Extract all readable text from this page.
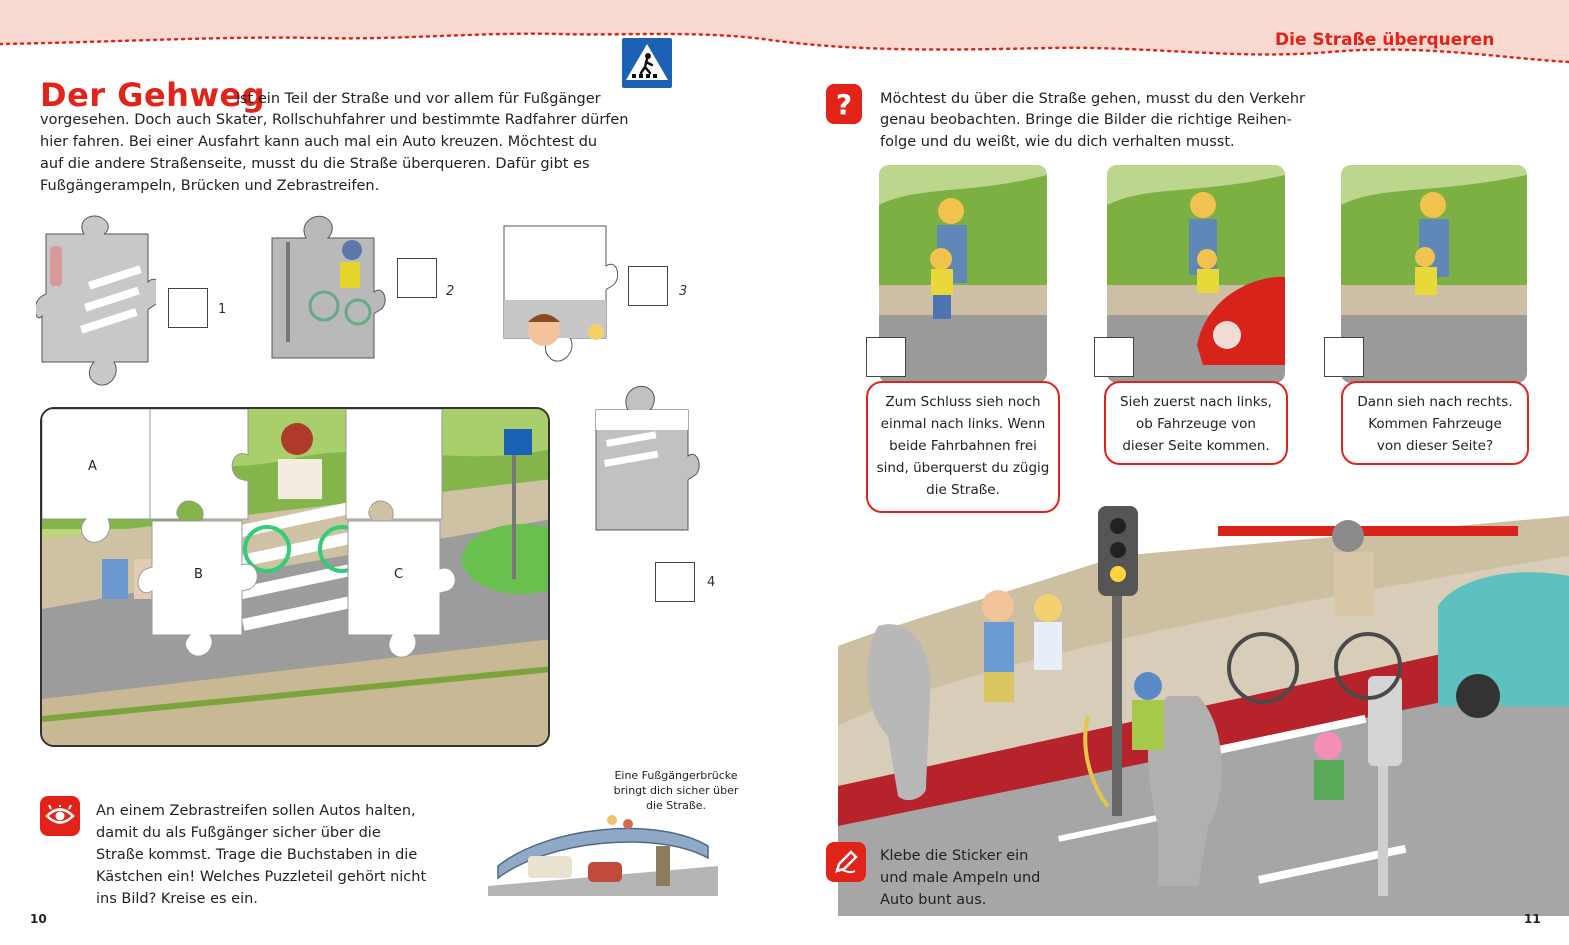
Die Straße überqueren
Der Gehweg
ist ein Teil der Straße und vor allem für Fußgänger
vorgesehen. Doch auch Skater, Rollschuhfahrer und bestimmte Radfahrer dürfen
hier fahren. Bei einer Ausfahrt kann auch mal ein Auto kreuzen. Möchtest du
auf die andere Straßenseite, musst du die Straße überqueren. Dafür gibt es
Fußgängerampeln, Brücken und Zebrastreifen.
1
2	3
4
A
B	C
An einem Zebrastreifen sollen Autos halten,
damit du als Fußgänger sicher über die
Straße kommst. Trage die Buchstaben in die
Kästchen ein! Welches Puzzleteil gehört nicht
ins Bild? Kreise es ein.
Eine Fußgängerbrücke
bringt dich sicher über
die Straße.
10
?	Möchtest du über die Straße gehen, musst du den Verkehr
genau beobachten. Bringe die Bilder die richtige Reihen-
folge und du weißt, wie du dich verhalten musst.
Zum Schluss sieh noch
einmal nach links. Wenn
beide Fahrbahnen frei
sind, überquerst du zügig
die Straße.
Sieh zuerst nach links,
ob Fahrzeuge von
dieser Seite kommen.
Dann sieh nach rechts.
Kommen Fahrzeuge
von dieser Seite?
Klebe die Sticker ein
und male Ampeln und
Auto bunt aus.
11
